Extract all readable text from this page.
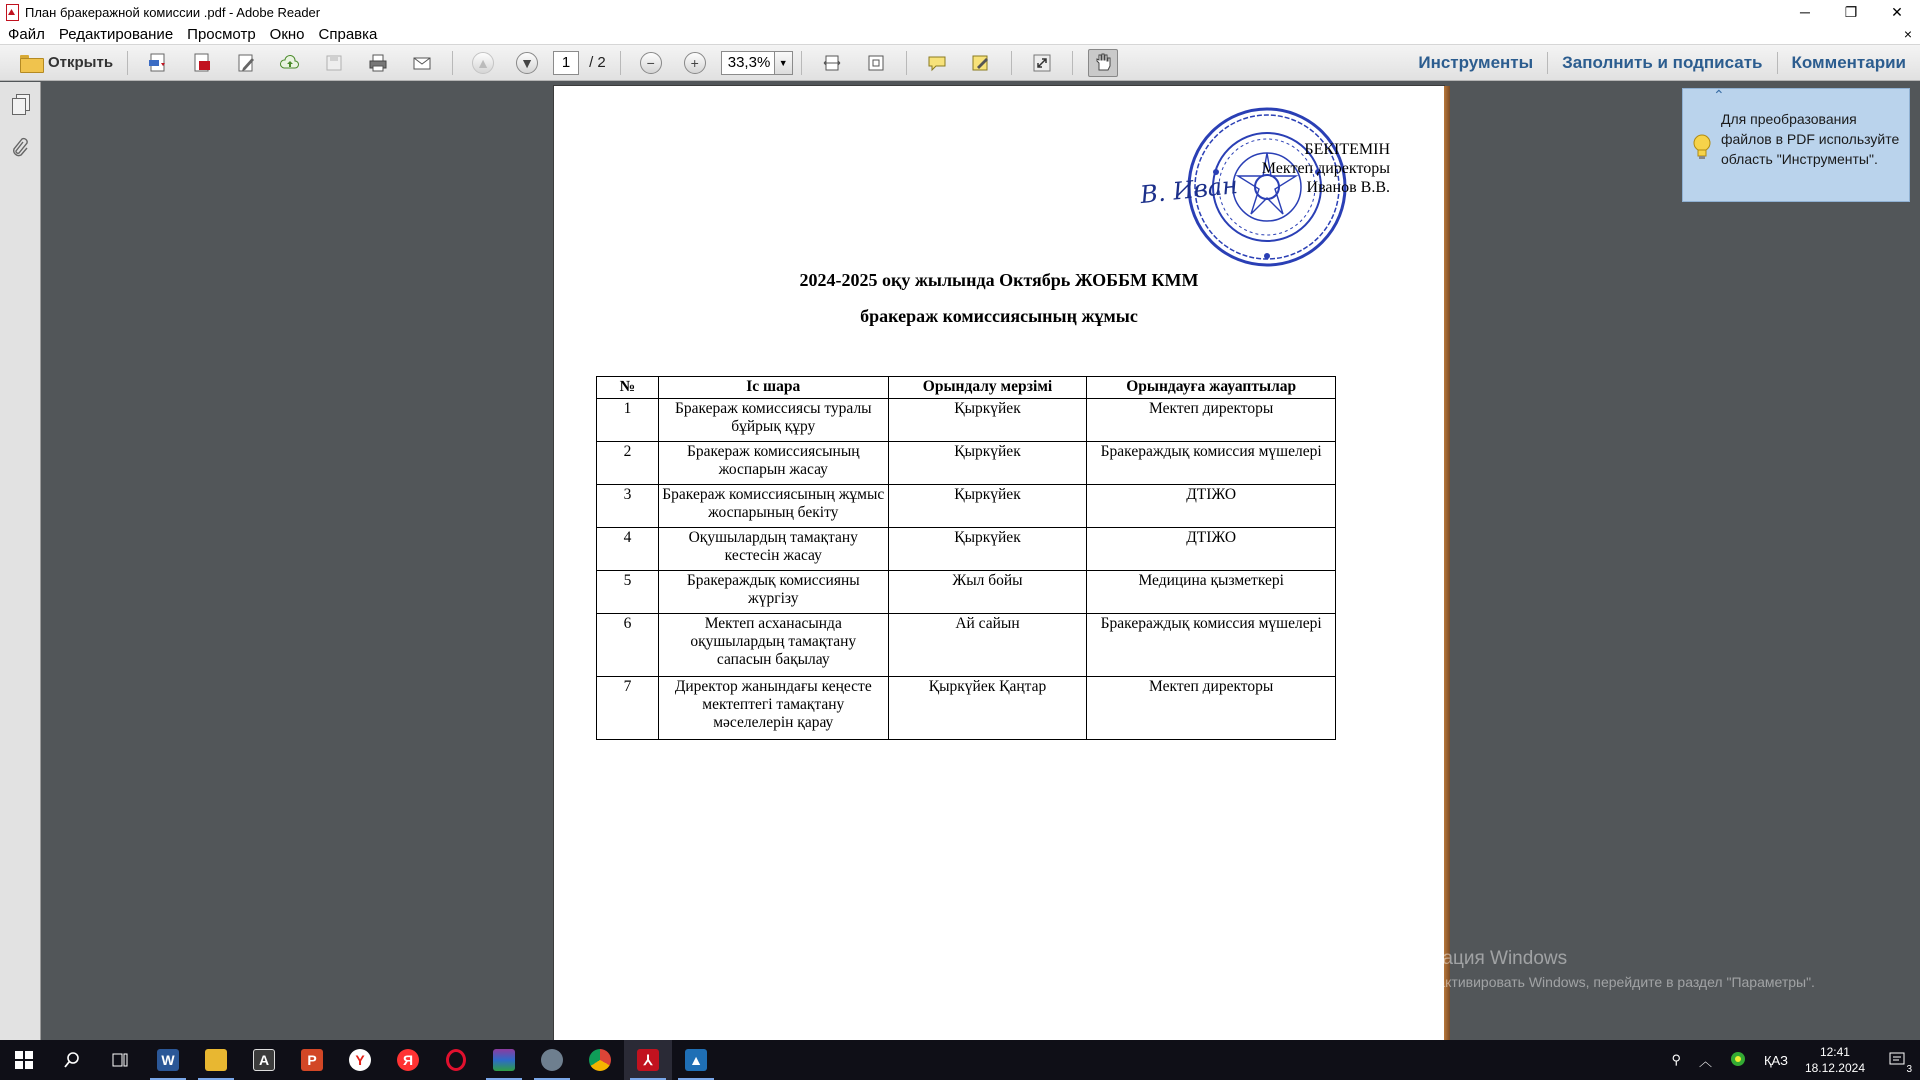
План бракеражной комиссии .pdf - Adobe Reader	─	❐	✕
Файл Редактирование Просмотр Окно Справка	×
Открыть	▲ ▼	1	/ 2	−	+	33,3% ▼	Инструменты	Заполнить и подписать	Комментарии
БЕКІТЕМІН
Мектеп директоры
Иванов В.В.
В. Иван
2024-2025 оқу жылында Октябрь ЖОББМ КММ
бракераж комиссиясының жұмыс
№	Іс шара	Орындалу мерзімі	Орындауға жауаптылар
1	Бракераж комиссиясы туралы бұйрық құру	Қыркүйек	Мектеп директоры
2	Бракераж комиссиясының жоспарын жасау	Қыркүйек	Бракераждық комиссия мүшелері
3	Бракераж комиссиясының жұмыс жоспарының бекіту	Қыркүйек	ДТІЖО
4	Оқушылардың тамақтану кестесін жасау	Қыркүйек	ДТІЖО
5	Бракераждық комиссияны жүргізу	Жыл бойы	Медицина қызметкері
6	Мектеп асханасында оқушылардың тамақтану сапасын бақылау	Ай сайын	Бракераждық комиссия мүшелері
7	Директор жанындағы кеңесте мектептегі тамақтану мәселелерін қарау	Қыркүйек Қаңтар	Мектеп директоры
⌃
Для преобразования файлов в PDF используйте область "Инструменты".
Активация Windows
Чтобы активировать Windows, перейдите в раздел "Параметры".
W	A	P	Y	Я	⅄	▲	⚲ ︿	ҚАЗ
12:41
18.12.2024	3
